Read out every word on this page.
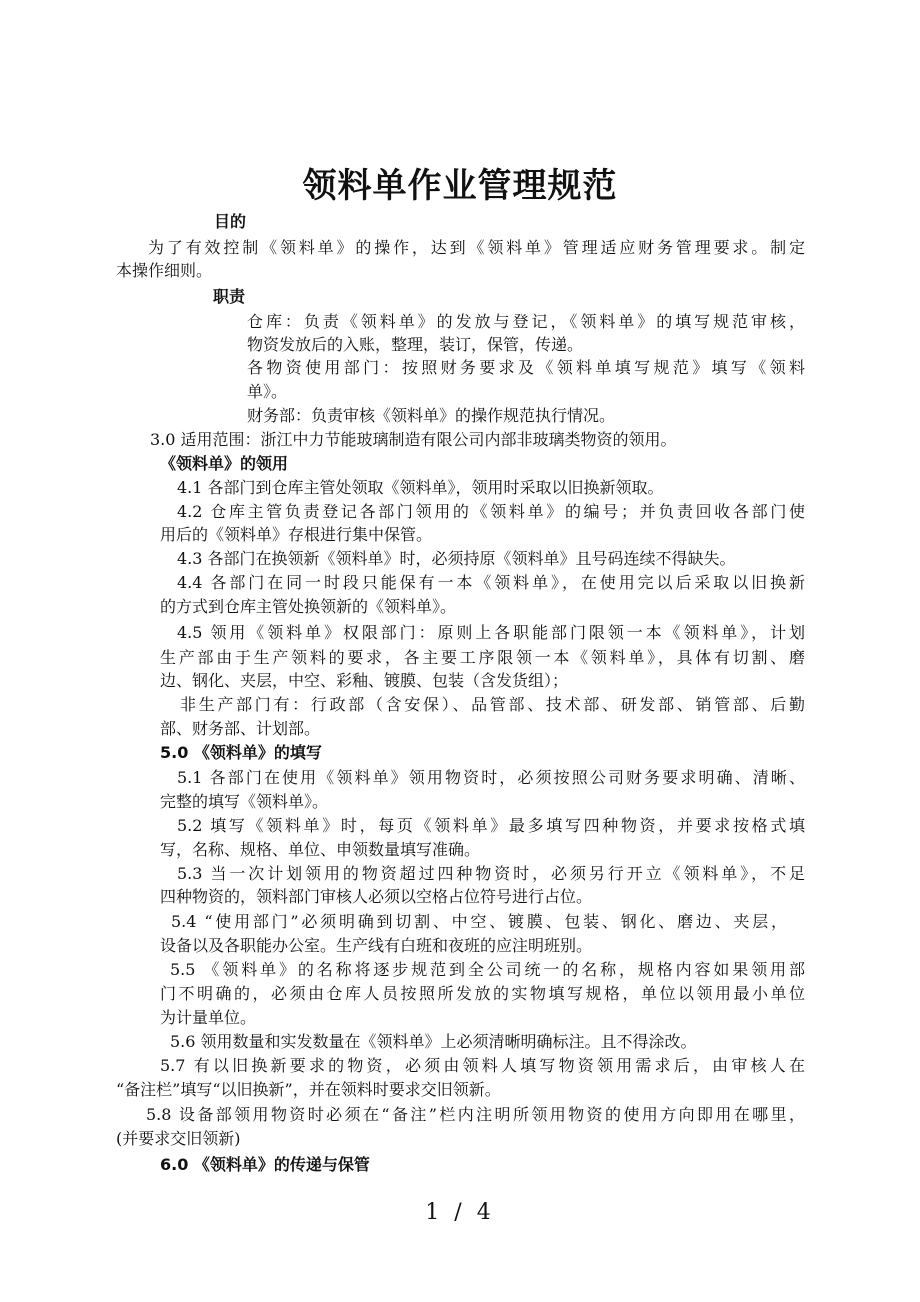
领料单作业管理规范
目的
为了有效控制《领料单》的操作，达到《领料单》管理适应财务管理要求。制定
本操作细则。
职责
仓库：负责《领料单》的发放与登记，《领料单》的填写规范审核，
物资发放后的入账，整理，装订，保管，传递。
各物资使用部门：按照财务要求及《领料单填写规范》填写《领料
单》。
财务部：负责审核《领料单》的操作规范执行情况。
3.0 适用范围：浙江中力节能玻璃制造有限公司内部非玻璃类物资的领用。
《领料单》的领用
4.1 各部门到仓库主管处领取《领料单》，领用时采取以旧换新领取。
4.2 仓库主管负责登记各部门领用的《领料单》的编号；并负责回收各部门使
用后的《领料单》存根进行集中保管。
4.3 各部门在换领新《领料单》时，必须持原《领料单》且号码连续不得缺失。
4.4 各部门在同一时段只能保有一本《领料单》，在使用完以后采取以旧换新
的方式到仓库主管处换领新的《领料单》。
4.5 领用《领料单》权限部门：原则上各职能部门限领一本《领料单》，计划
生产部由于生产领料的要求，各主要工序限领一本《领料单》，具体有切割、磨
边、钢化、夹层，中空、彩釉、镀膜、包装（含发货组）；
非生产部门有：行政部（含安保）、品管部、技术部、研发部、销管部、后勤
部、财务部、计划部。
5.0 《领料单》的填写
5.1 各部门在使用《领料单》领用物资时，必须按照公司财务要求明确、清晰、
完整的填写《领料单》。
5.2 填写《领料单》时，每页《领料单》最多填写四种物资，并要求按格式填
写，名称、规格、单位、申领数量填写准确。
5.3 当一次计划领用的物资超过四种物资时，必须另行开立《领料单》，不足
四种物资的，领料部门审核人必须以空格占位符号进行占位。
5.4 “使用部门”必须明确到切割、中空、镀膜、包装、钢化、磨边、夹层，
设备以及各职能办公室。生产线有白班和夜班的应注明班别。
5.5 《领料单》的名称将逐步规范到全公司统一的名称，规格内容如果领用部
门不明确的，必须由仓库人员按照所发放的实物填写规格，单位以领用最小单位
为计量单位。
5.6 领用数量和实发数量在《领料单》上必须清晰明确标注。且不得涂改。
5.7 有以旧换新要求的物资，必须由领料人填写物资领用需求后，由审核人在
“备注栏”填写“以旧换新”，并在领料时要求交旧领新。
5.8 设备部领用物资时必须在“备注”栏内注明所领用物资的使用方向即用在哪里，
(并要求交旧领新)
6.0 《领料单》的传递与保管
1 / 4
